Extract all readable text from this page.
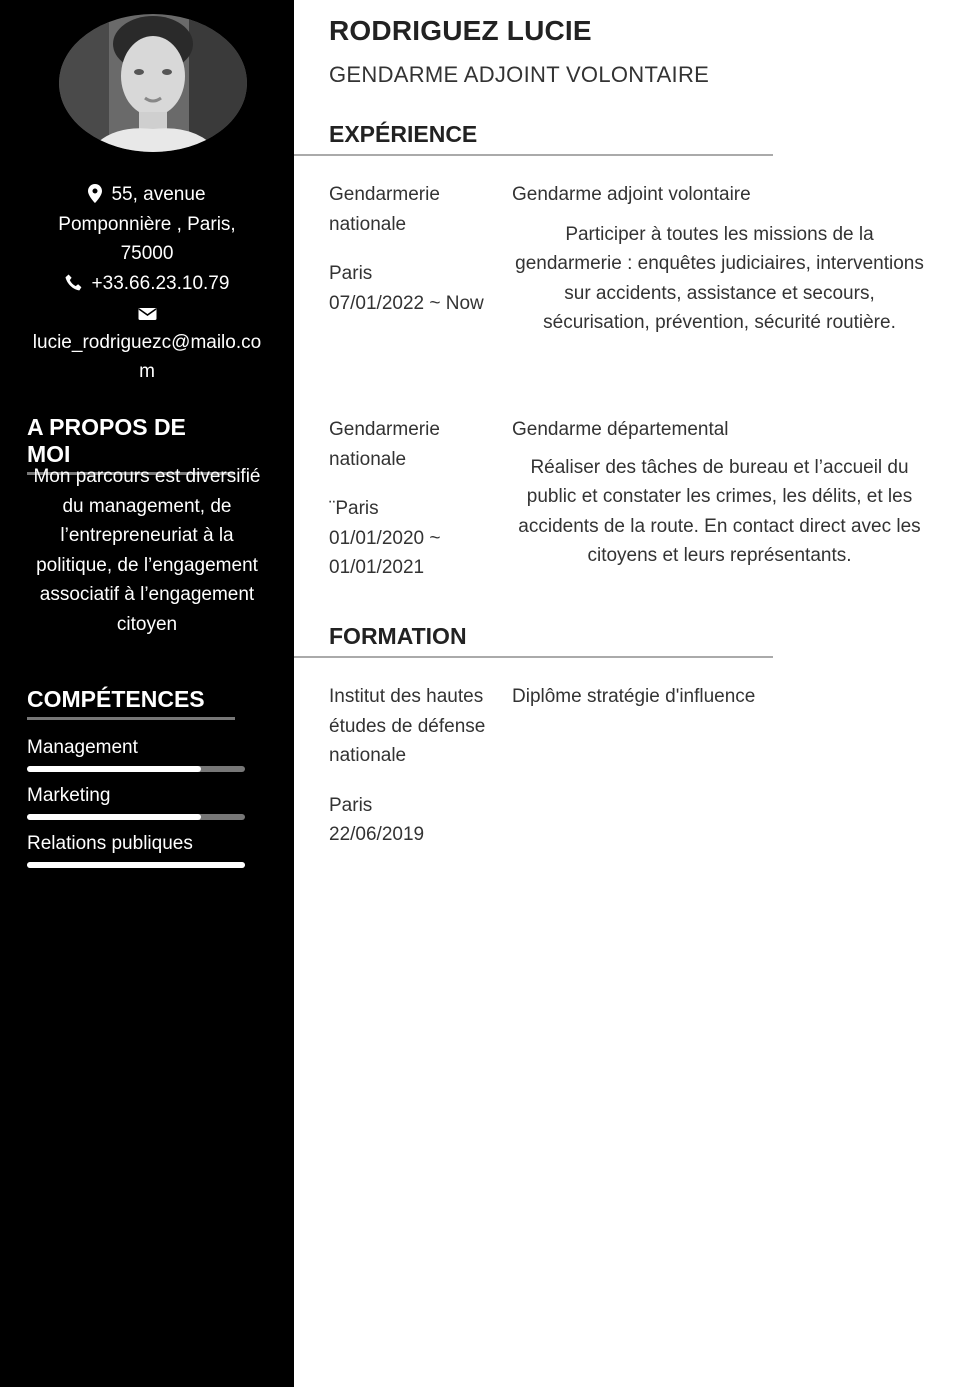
55, avenue
Pomponnière , Paris,
75000
+33.66.23.10.79
lucie_rodriguezc@mailo.co
m
A PROPOS DE MOI
Mon parcours est diversifié du management, de l’entrepreneuriat à la politique, de l’engagement associatif à l’engagement citoyen
COMPÉTENCES
Management
Marketing
Relations publiques
RODRIGUEZ LUCIE
GENDARME ADJOINT VOLONTAIRE
EXPÉRIENCE
Gendarmerie
nationale
Paris
07/01/2022 ~ Now
Gendarme adjoint volontaire
Participer à toutes les missions de la gendarmerie : enquêtes judiciaires, interventions sur accidents, assistance et secours, sécurisation, prévention, sécurité routière.
Gendarmerie
nationale
¨Paris
01/01/2020 ~
01/01/2021
Gendarme départemental
Réaliser des tâches de bureau et l’accueil du public et constater les crimes, les délits, et les accidents de la route. En contact direct avec les citoyens et leurs représentants.
FORMATION
Institut des hautes
études de défense
nationale
Paris
22/06/2019
Diplôme stratégie d'influence
